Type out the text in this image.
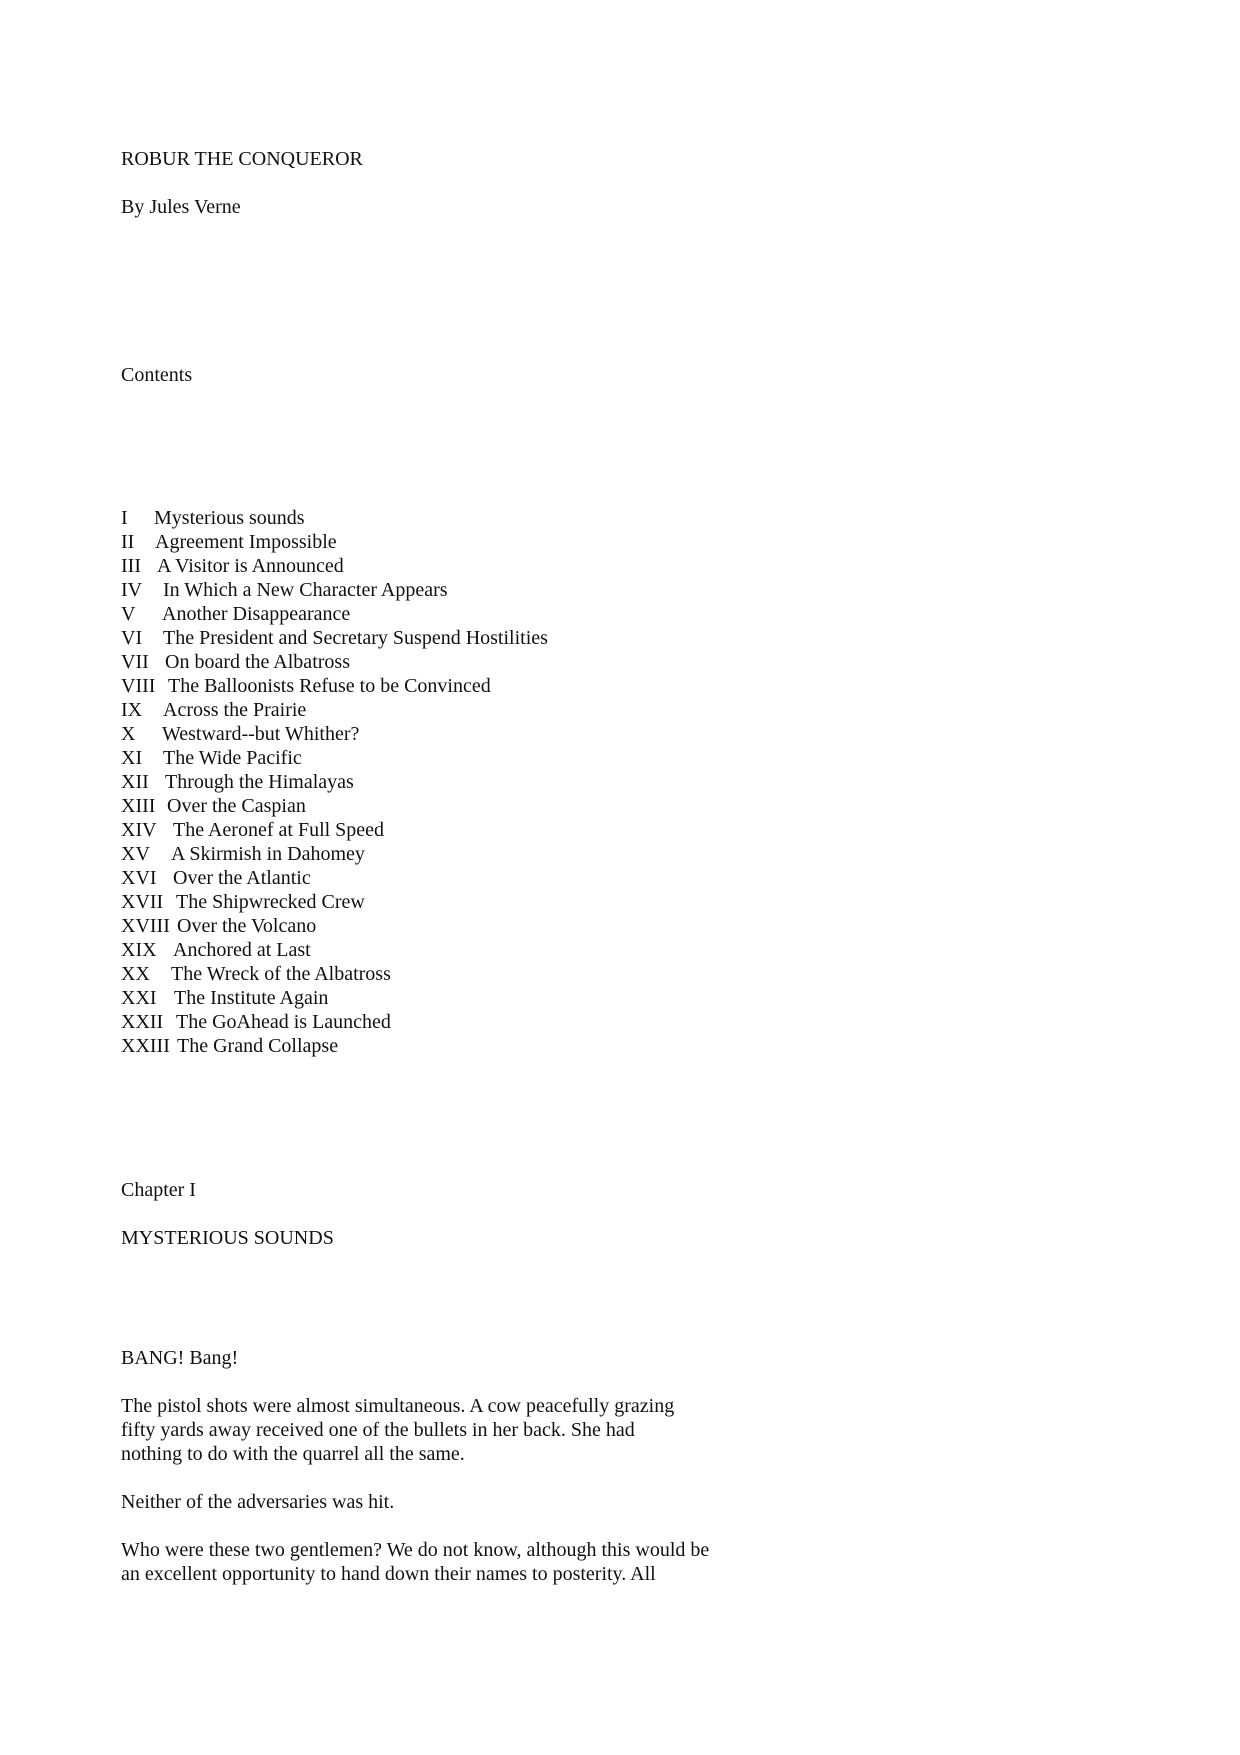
ROBUR THE CONQUEROR

By Jules Verne

Contents

I Mysterious sounds
II Agreement Impossible
III A Visitor is Announced
IV In Which a New Character Appears
V Another Disappearance
VI The President and Secretary Suspend Hostilities
VII On board the Albatross
VIII The Balloonists Refuse to be Convinced
IX Across the Prairie
X Westward--but Whither?
XI The Wide Pacific
XII Through the Himalayas
XIII Over the Caspian
XIV The Aeronef at Full Speed
XV A Skirmish in Dahomey
XVI Over the Atlantic
XVII The Shipwrecked Crew
XVIII Over the Volcano
XIX Anchored at Last
XX The Wreck of the Albatross
XXI The Institute Again
XXII The GoAhead is Launched
XXIII The Grand Collapse

Chapter I

MYSTERIOUS SOUNDS

BANG! Bang!

The pistol shots were almost simultaneous. A cow peacefully grazing
fifty yards away received one of the bullets in her back. She had
nothing to do with the quarrel all the same.
Neither of the adversaries was hit.
Who were these two gentlemen? We do not know, although this would be
an excellent opportunity to hand down their names to posterity. All
